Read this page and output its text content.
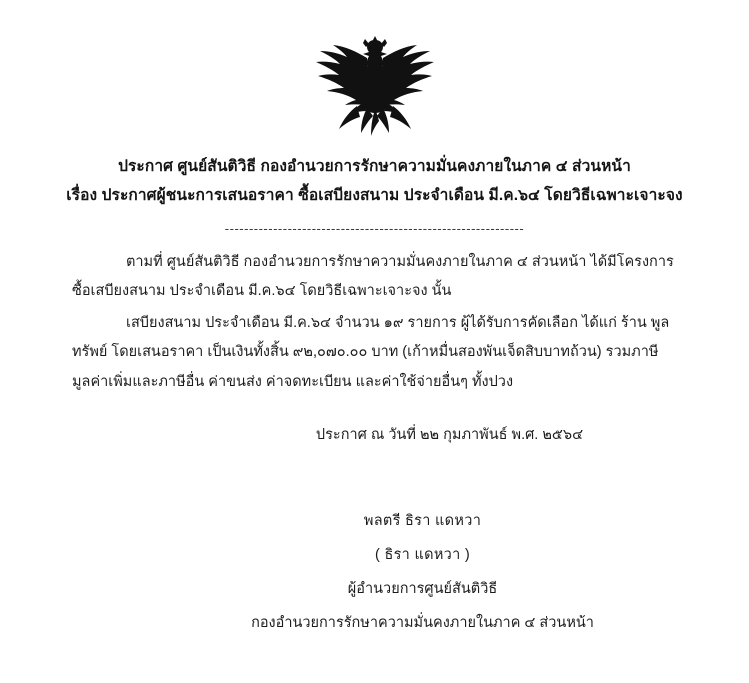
ประกาศ ศูนย์สันติวิธี กองอำนวยการรักษาความมั่นคงภายในภาค ๔ ส่วนหน้า
เรื่อง ประกาศผู้ชนะการเสนอราคา ซื้อเสบียงสนาม ประจำเดือน มี.ค.๖๔ โดยวิธีเฉพาะเจาะจง
--------------------------------------------------------------

ตามที่ ศูนย์สันติวิธี กองอำนวยการรักษาความมั่นคงภายในภาค ๔ ส่วนหน้า ได้มีโครงการ ซื้อเสบียงสนาม ประจำเดือน มี.ค.๖๔ โดยวิธีเฉพาะเจาะจง นั้น

เสบียงสนาม ประจำเดือน มี.ค.๖๔ จำนวน ๑๙ รายการ ผู้ได้รับการคัดเลือก ได้แก่ ร้าน พูลทรัพย์ โดยเสนอราคา เป็นเงินทั้งสิ้น ๙๒,๐๗๐.๐๐ บาท (เก้าหมื่นสองพันเจ็ดสิบบาทถ้วน) รวมภาษีมูลค่าเพิ่มและภาษีอื่น ค่าขนส่ง ค่าจดทะเบียน และค่าใช้จ่ายอื่นๆ ทั้งปวง

ประกาศ ณ วันที่ ๒๒ กุมภาพันธ์ พ.ศ. ๒๕๖๔
พลตรี ธิรา แดหวา
( ธิรา แดหวา )
ผู้อำนวยการศูนย์สันติวิธี
กองอำนวยการรักษาความมั่นคงภายในภาค ๔ ส่วนหน้า
